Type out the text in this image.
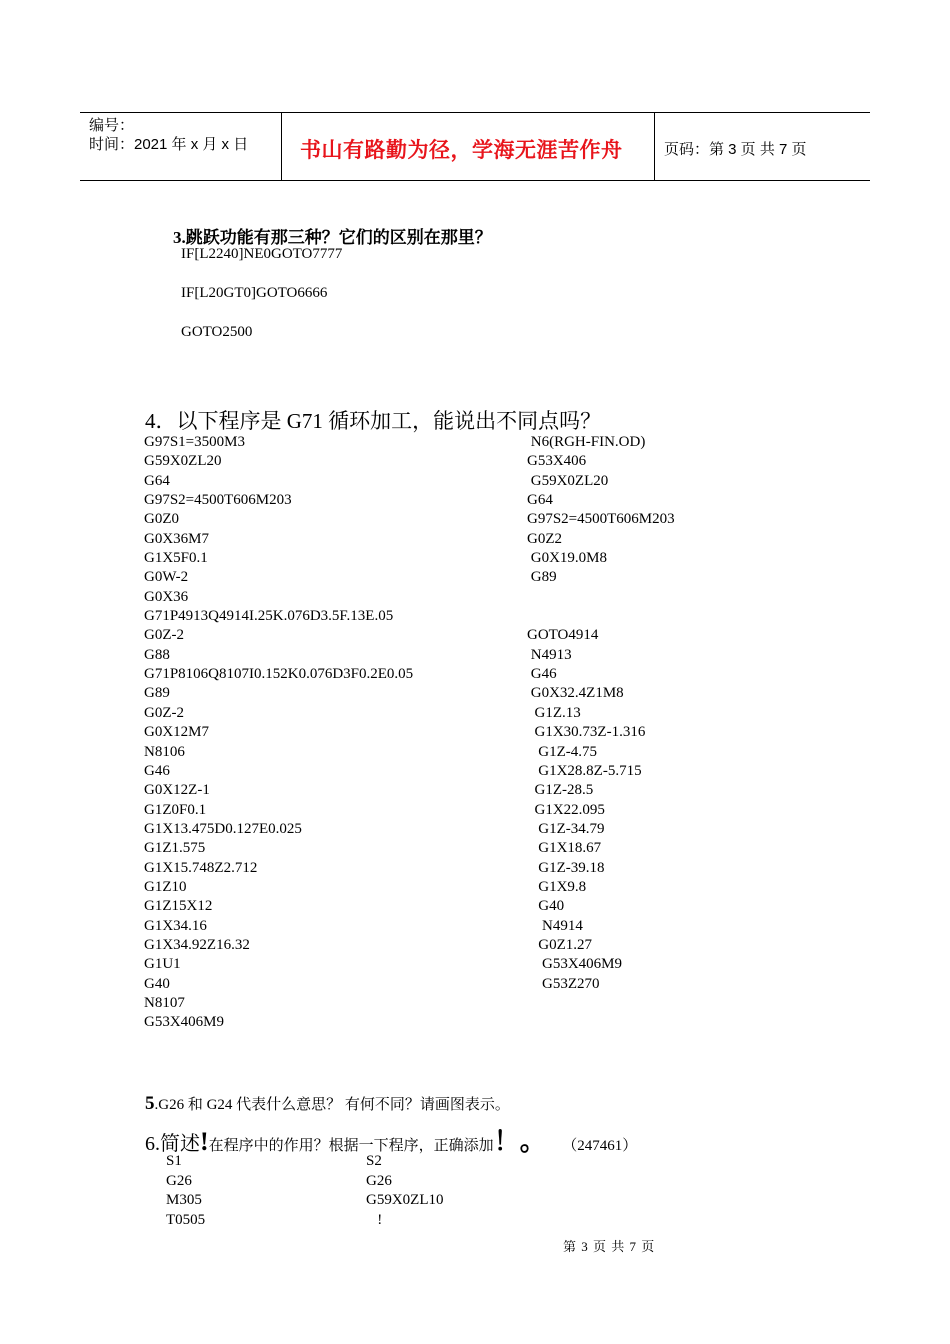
编号：
时间：2021 年 x 月 x 日 书山有路勤为径，学海无涯苦作舟	页码：第 3 页 共 7 页
3.跳跃功能有那三种？它们的区别在那里？
IF[L2240]NE0GOTO7777
IF[L20GT0]GOTO6666
GOTO2500
4．以下程序是 G71 循环加工，能说出不同点吗？
G97S1=3500M3
G59X0ZL20
G64
G97S2=4500T606M203
G0Z0
G0X36M7
G1X5F0.1
G0W-2
G0X36
G71P4913Q4914I.25K.076D3.5F.13E.05
G0Z-2
G88
G71P8106Q8107I0.152K0.076D3F0.2E0.05
G89
G0Z-2
G0X12M7
N8106
G46
G0X12Z-1
G1Z0F0.1
G1X13.475D0.127E0.025
G1Z1.575
G1X15.748Z2.712
G1Z10
G1Z15X12
G1X34.16
G1X34.92Z16.32
G1U1
G40
N8107
G53X406M9
N6(RGH-FIN.OD)
G53X406
G59X0ZL20
G64
G97S2=4500T606M203
G0Z2
G0X19.0M8
G89
GOTO4914
N4913
G46
G0X32.4Z1M8
G1Z.13
G1X30.73Z-1.316
G1Z-4.75
G1X28.8Z-5.715
G1Z-28.5
G1X22.095
G1Z-34.79
G1X18.67
G1Z-39.18
G1X9.8
G40
N4914
G0Z1.27
G53X406M9
G53Z270
5.G26 和 G24 代表什么意思？ 有何不同？请画图表示。
6.简述!在程序中的作用？根据一下程序，正确添加！。 （247461）
S1
G26
M305
T0505
S2
G26
G59X0ZL10
!
第 3 页 共 7 页
